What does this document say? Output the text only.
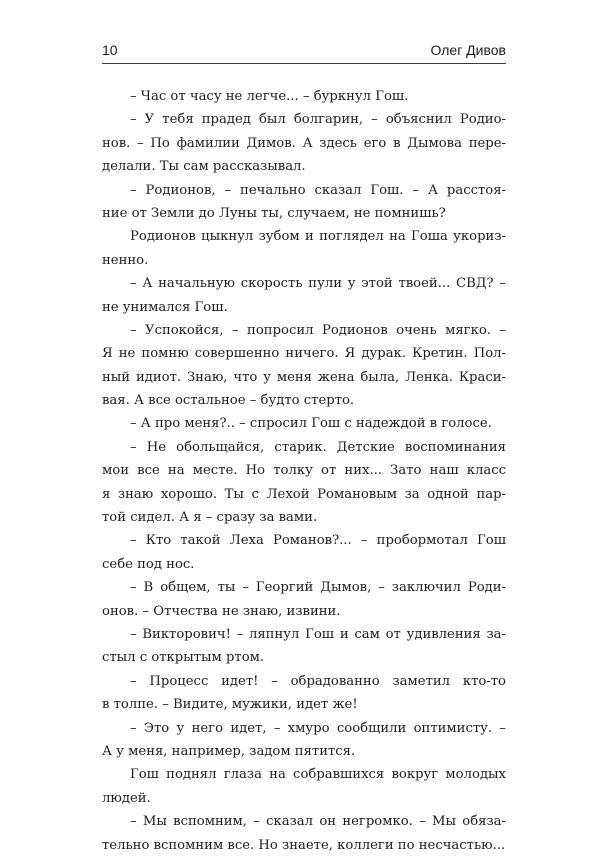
10	Олег Дивов
– Час от часу не легче... – буркнул Гош.
– У тебя прадед был болгарин, – объяснил Родио-
нов. – По фамилии Димов. А здесь его в Дымова пере-
делали. Ты сам рассказывал.
– Родионов, – печально сказал Гош. – А расстоя-
ние от Земли до Луны ты, случаем, не помнишь?
Родионов цыкнул зубом и поглядел на Гоша укориз-
ненно.
– А начальную скорость пули у этой твоей... СВД? –
не унимался Гош.
– Успокойся, – попросил Родионов очень мягко. –
Я не помню совершенно ничего. Я дурак. Кретин. Пол-
ный идиот. Знаю, что у меня жена была, Ленка. Краси-
вая. А все остальное – будто стерто.
– А про меня?.. – спросил Гош с надеждой в голосе.
– Не обольщайся, старик. Детские воспоминания
мои все на месте. Но толку от них... Зато наш класс
я знаю хорошо. Ты с Лехой Романовым за одной пар-
той сидел. А я – сразу за вами.
– Кто такой Леха Романов?... – пробормотал Гош
себе под нос.
– В общем, ты – Георгий Дымов, – заключил Роди-
онов. – Отчества не знаю, извини.
– Викторович! – ляпнул Гош и сам от удивления за-
стыл с открытым ртом.
– Процесс идет! – обрадованно заметил кто-то
в толпе. – Видите, мужики, идет же!
– Это у него идет, – хмуро сообщили оптимисту. –
А у меня, например, задом пятится.
Гош поднял глаза на собравшихся вокруг молодых
людей.
– Мы вспомним, – сказал он негромко. – Мы обяза-
тельно вспомним все. Но знаете, коллеги по несчастью...
